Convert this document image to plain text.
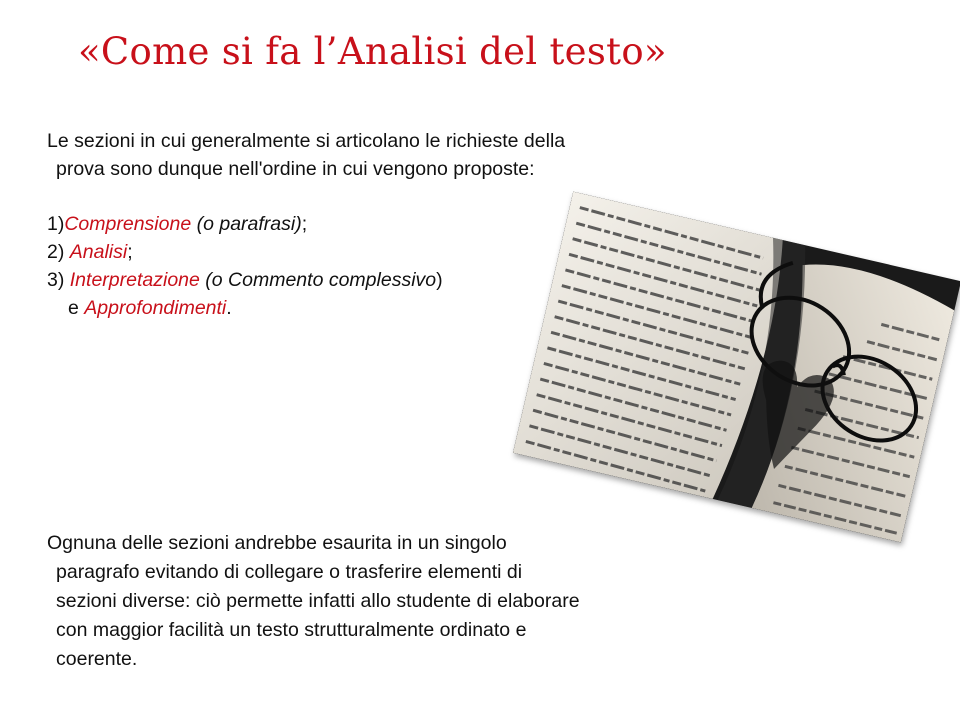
«Come si fa l’Analisi del testo»
Le sezioni in cui generalmente si articolano le richieste della
prova sono dunque nell'ordine in cui vengono proposte:
1)Comprensione (o parafrasi);
2) Analisi;
3) Interpretazione (o Commento complessivo)
e Approfondimenti.
Ognuna delle sezioni andrebbe esaurita in un singolo
paragrafo evitando di collegare o trasferire elementi di
sezioni diverse: ciò permette infatti allo studente di elaborare
con maggior facilità un testo strutturalmente ordinato e
coerente.
